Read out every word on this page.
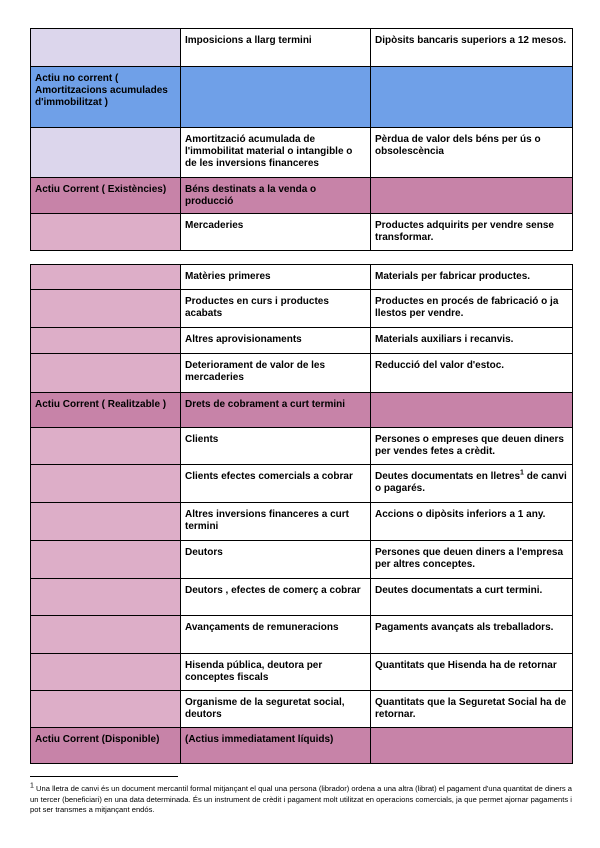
	Imposicions a llarg termini	Dipòsits bancaris superiors a 12 mesos.
Actiu no corrent ( Amortitzacions acumulades d'immobilitzat )		
	Amortització acumulada de l'immobilitat material o intangible o de les inversions financeres	Pèrdua de valor dels béns per ús o obsolescència
Actiu Corrent ( Existències)	Béns destinats a la venda o producció	
	Mercaderies	Productes adquirits per vendre sense transformar.
	Matèries primeres	Materials per fabricar productes.
	Productes en curs i productes acabats	Productes en procés de fabricació o ja llestos per vendre.
	Altres aprovisionaments	Materials auxiliars i recanvis.
	Deteriorament de valor de les mercaderies	Reducció del valor d'estoc.
Actiu Corrent ( Realitzable )	Drets de cobrament a curt termini	
	Clients	Persones o empreses que deuen diners per vendes fetes a crèdit.
	Clients efectes comercials a cobrar	Deutes documentats en lletres$^1$ de canvi o pagarés.
	Altres inversions financeres a curt termini	Accions o dipòsits inferiors a 1 any.
	Deutors	Persones que deuen diners a l'empresa per altres conceptes.
	Deutors , efectes de comerç a cobrar	Deutes documentats a curt termini.
	Avançaments de remuneracions	Pagaments avançats als treballadors.
	Hisenda pública, deutora per conceptes fiscals	Quantitats que Hisenda ha de retornar
	Organisme de la seguretat social, deutors	Quantitats que la Seguretat Social ha de retornar.
Actiu Corrent (Disponible)	(Actius immediatament líquids)	
$^1$ Una lletra de canvi és un document mercantil formal mitjançant el qual una persona (librador) ordena a una altra (librat) el pagament d'una quantitat de diners a un tercer (beneficiari) en una data determinada. És un instrument de crèdit i pagament molt utilitzat en operacions comercials, ja que permet ajornar pagaments i pot ser transmes a mitjançant endós.
